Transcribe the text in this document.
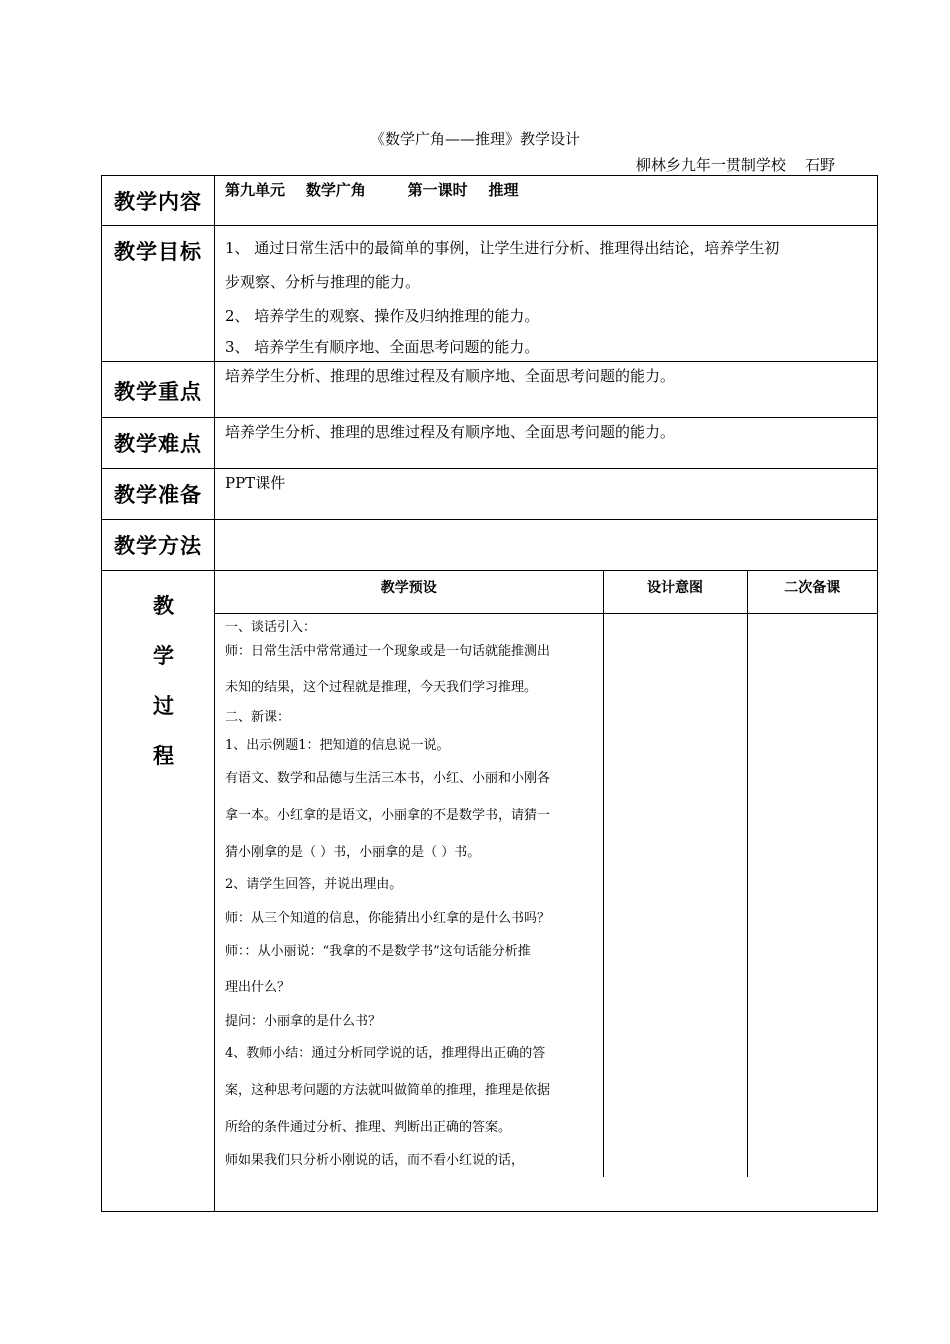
《数学广角——推理》教学设计
柳林乡九年一贯制学校    石野
教学内容	第九单元    数学广角        第一课时    推理

教学目标	1、 通过日常生活中的最简单的事例，让学生进行分析、推理得出结论，培养学生初
步观察、分析与推理的能力。
2、 培养学生的观察、操作及归纳推理的能力。
3、 培养学生有顺序地、全面思考问题的能力。

教学重点	培养学生分析、推理的思维过程及有顺序地、全面思考问题的能力。
教学难点	培养学生分析、推理的思维过程及有顺序地、全面思考问题的能力。
教学准备	PPT课件
教学方法	

教
学
过
程

教学预设	设计意图	二次备课

一、谈话引入：

师：日常生活中常常通过一个现象或是一句话就能推测出

未知的结果，这个过程就是推理，今天我们学习推理。

二、新课：

1、出示例题1：把知道的信息说一说。

有语文、数学和品德与生活三本书，小红、小丽和小刚各

拿一本。小红拿的是语文，小丽拿的不是数学书，请猜一

猜小刚拿的是（ ）书，小丽拿的是（ ）书。

2、请学生回答，并说出理由。

师：从三个知道的信息，你能猜出小红拿的是什么书吗？

师：：从小丽说：“我拿的不是数学书”这句话能分析推

理出什么？

提问：小丽拿的是什么书？

4、教师小结：通过分析同学说的话，推理得出正确的答

案，这种思考问题的方法就叫做简单的推理，推理是依据

所给的条件通过分析、推理、判断出正确的答案。

师如果我们只分析小刚说的话，而不看小红说的话，
